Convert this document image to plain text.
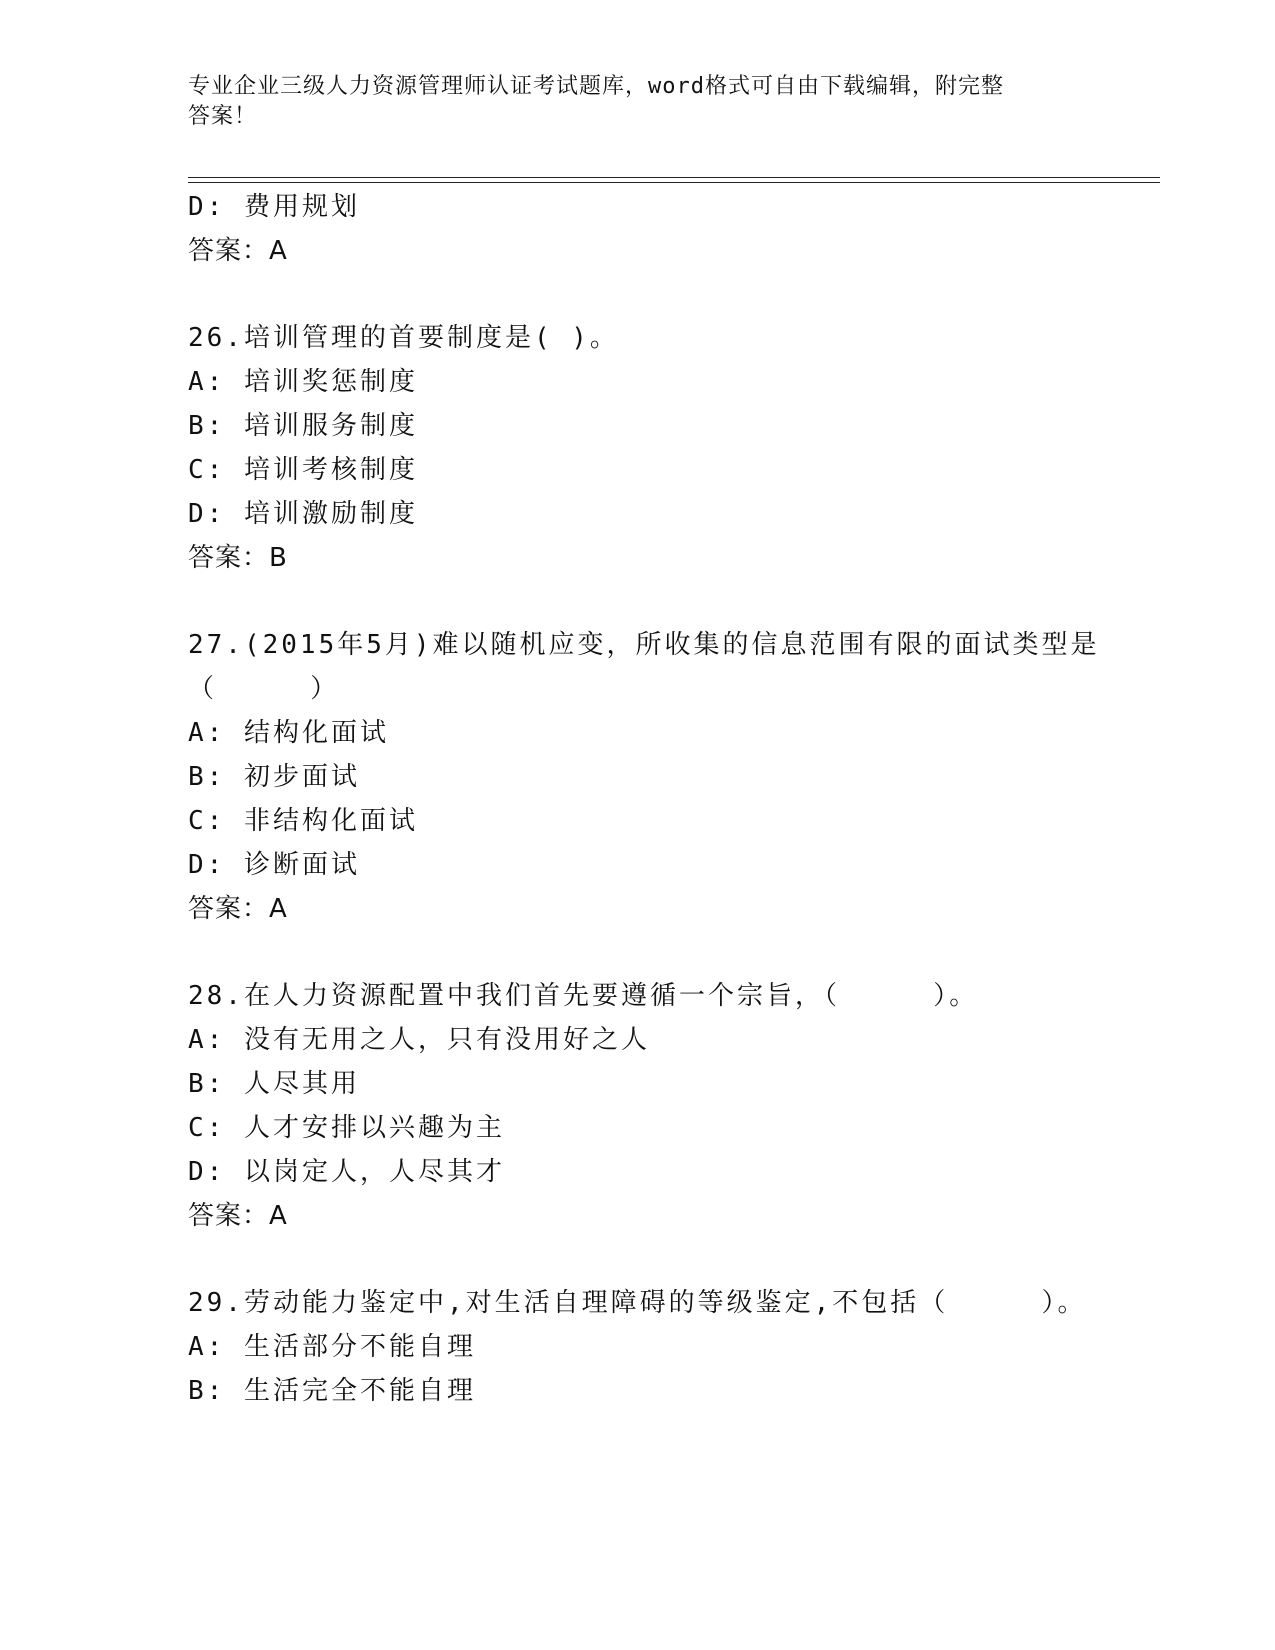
专业企业三级人力资源管理师认证考试题库，word格式可自由下载编辑，附完整
答案！
D: 费用规划
答案：A
26.培训管理的首要制度是( )。
A: 培训奖惩制度
B: 培训服务制度
C: 培训考核制度
D: 培训激励制度
答案：B
27.(2015年5月)难以随机应变，所收集的信息范围有限的面试类型是
（     ）
A: 结构化面试
B: 初步面试
C: 非结构化面试
D: 诊断面试
答案：A
28.在人力资源配置中我们首先要遵循一个宗旨，（     ）。
A: 没有无用之人，只有没用好之人
B: 人尽其用
C: 人才安排以兴趣为主
D: 以岗定人，人尽其才
答案：A
29.劳动能力鉴定中,对生活自理障碍的等级鉴定,不包括（     ）。
A: 生活部分不能自理
B: 生活完全不能自理
